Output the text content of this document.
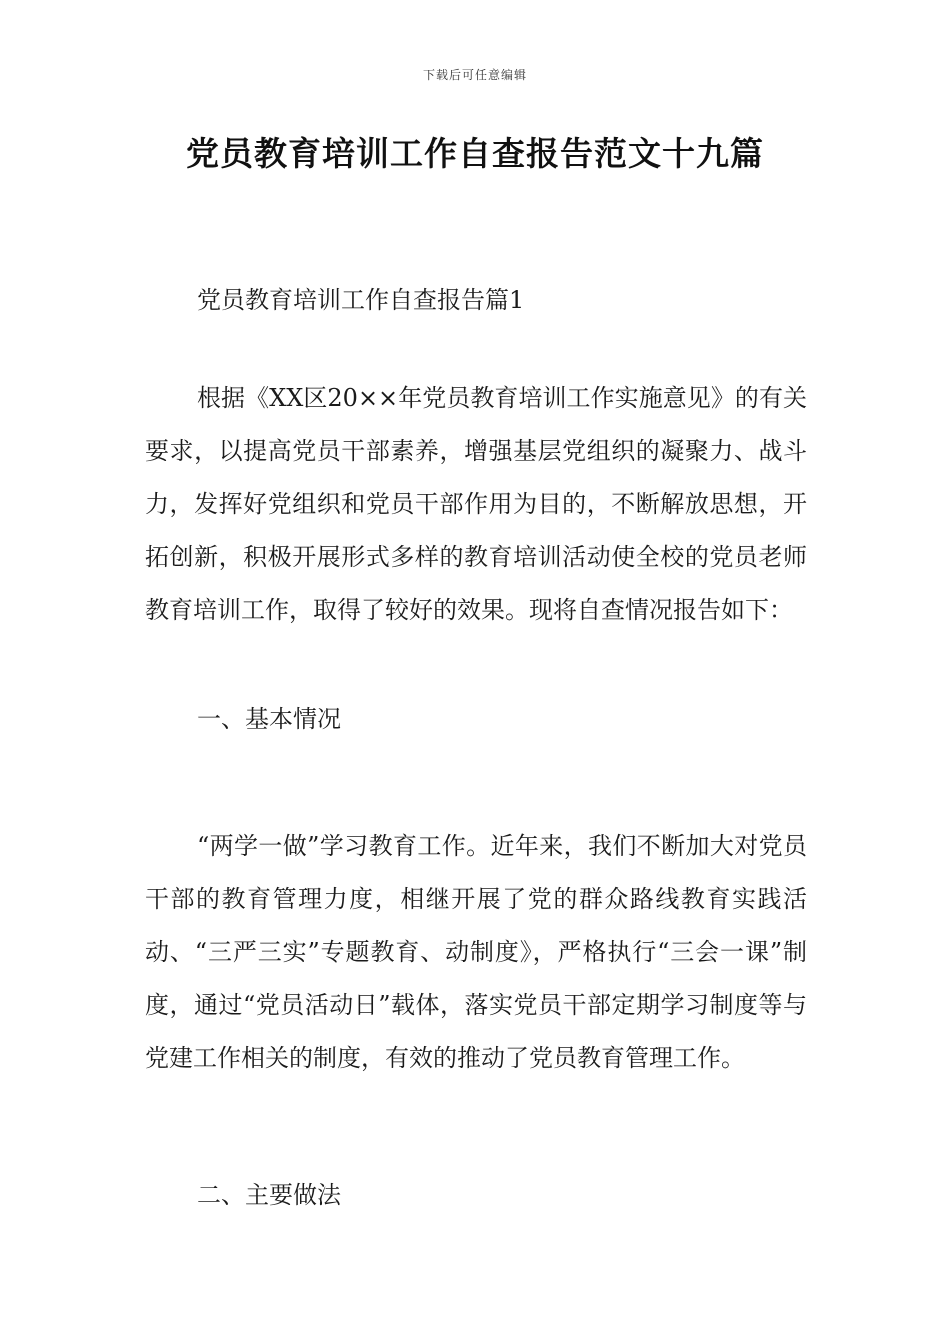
下载后可任意编辑
党员教育培训工作自查报告范文十九篇

党员教育培训工作自查报告篇1

根据《XX区20××年党员教育培训工作实施意见》的有关要求，以提高党员干部素养，增强基层党组织的凝聚力、战斗力，发挥好党组织和党员干部作用为目的，不断解放思想，开拓创新，积极开展形式多样的教育培训活动使全校的党员老师教育培训工作，取得了较好的效果。现将自查情况报告如下：

一、基本情况

“两学一做”学习教育工作。近年来，我们不断加大对党员干部的教育管理力度，相继开展了党的群众路线教育实践活动、“三严三实”专题教育、动制度》，严格执行“三会一课”制度，通过“党员活动日”载体，落实党员干部定期学习制度等与党建工作相关的制度，有效的推动了党员教育管理工作。

二、主要做法
